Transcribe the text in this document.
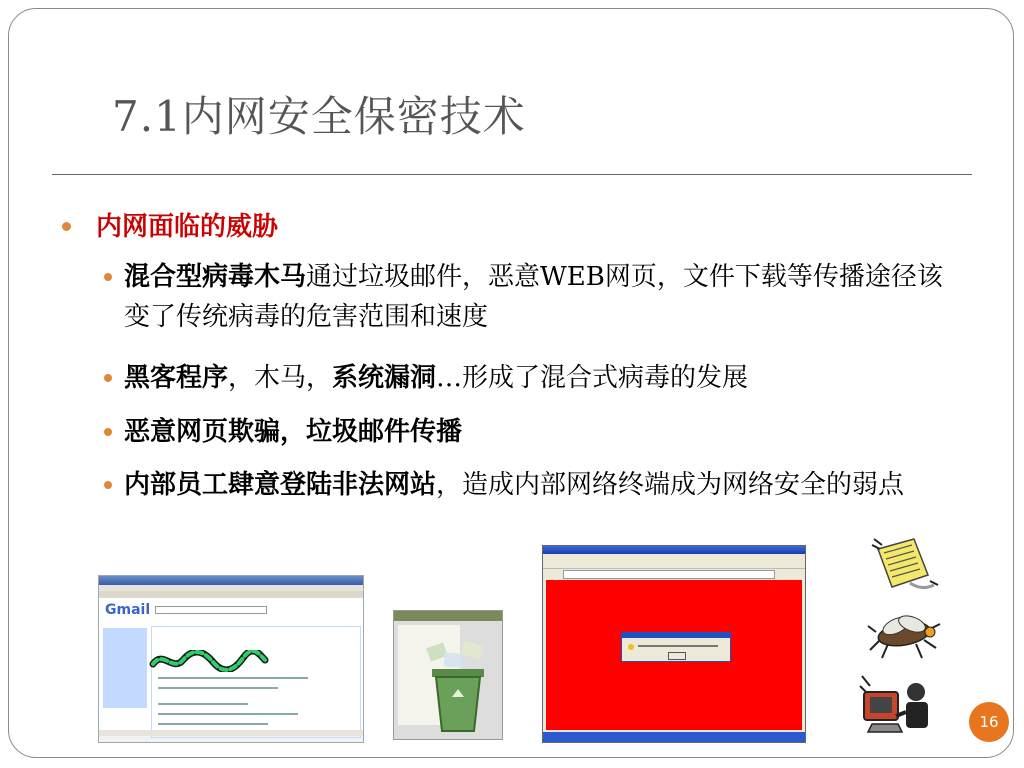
7.1内网安全保密技术
内网面临的威胁
混合型病毒木马通过垃圾邮件，恶意WEB网页，文件下载等传播途径该变了传统病毒的危害范围和速度
黑客程序，木马，系统漏洞…形成了混合式病毒的发展
恶意网页欺骗，垃圾邮件传播
内部员工肆意登陆非法网站，造成内部网络终端成为网络安全的弱点
Gmail
16
